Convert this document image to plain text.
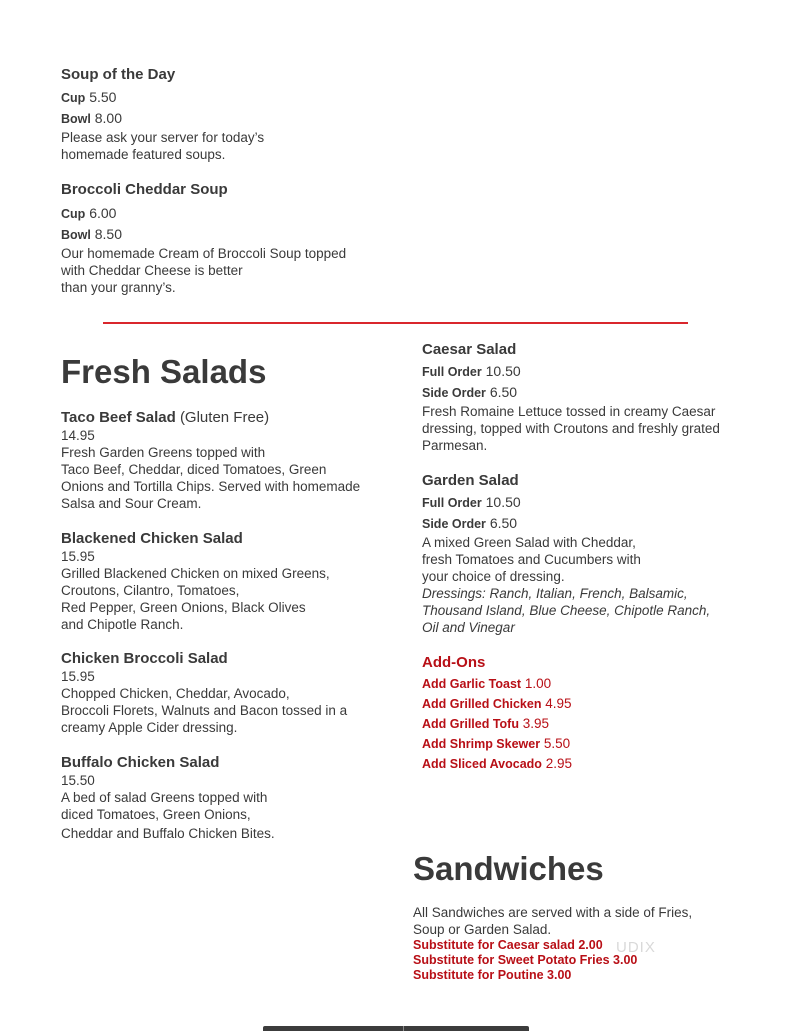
Soup of the Day
Cup 5.50
Bowl 8.00
Please ask your server for today’s
homemade featured soups.
Broccoli Cheddar Soup
Cup 6.00
Bowl 8.50
Our homemade Cream of Broccoli Soup topped
with Cheddar Cheese is better
than your granny’s.
Fresh Salads
Taco Beef Salad (Gluten Free)
14.95
Fresh Garden Greens topped with
Taco Beef, Cheddar, diced Tomatoes, Green
Onions and Tortilla Chips. Served with homemade
Salsa and Sour Cream.
Blackened Chicken Salad
15.95
Grilled Blackened Chicken on mixed Greens,
Croutons, Cilantro, Tomatoes,
Red Pepper, Green Onions, Black Olives
and Chipotle Ranch.
Chicken Broccoli Salad
15.95
Chopped Chicken, Cheddar, Avocado,
Broccoli Florets, Walnuts and Bacon tossed in a
creamy Apple Cider dressing.
Buffalo Chicken Salad
15.50
A bed of salad Greens topped with
diced Tomatoes, Green Onions,
Cheddar and Buffalo Chicken Bites.
Caesar Salad
Full Order 10.50
Side Order 6.50
Fresh Romaine Lettuce tossed in creamy Caesar
dressing, topped with Croutons and freshly grated
Parmesan.
Garden Salad
Full Order 10.50
Side Order 6.50
A mixed Green Salad with Cheddar,
fresh Tomatoes and Cucumbers with
your choice of dressing.
Dressings: Ranch, Italian, French, Balsamic,
Thousand Island, Blue Cheese, Chipotle Ranch,
Oil and Vinegar
Add-Ons
Add Garlic Toast 1.00
Add Grilled Chicken 4.95
Add Grilled Tofu 3.95
Add Shrimp Skewer 5.50
Add Sliced Avocado 2.95
Sandwiches
All Sandwiches are served with a side of Fries,
Soup or Garden Salad.
Substitute for Caesar salad 2.00
Substitute for Sweet Potato Fries 3.00
Substitute for Poutine 3.00
UDIX
